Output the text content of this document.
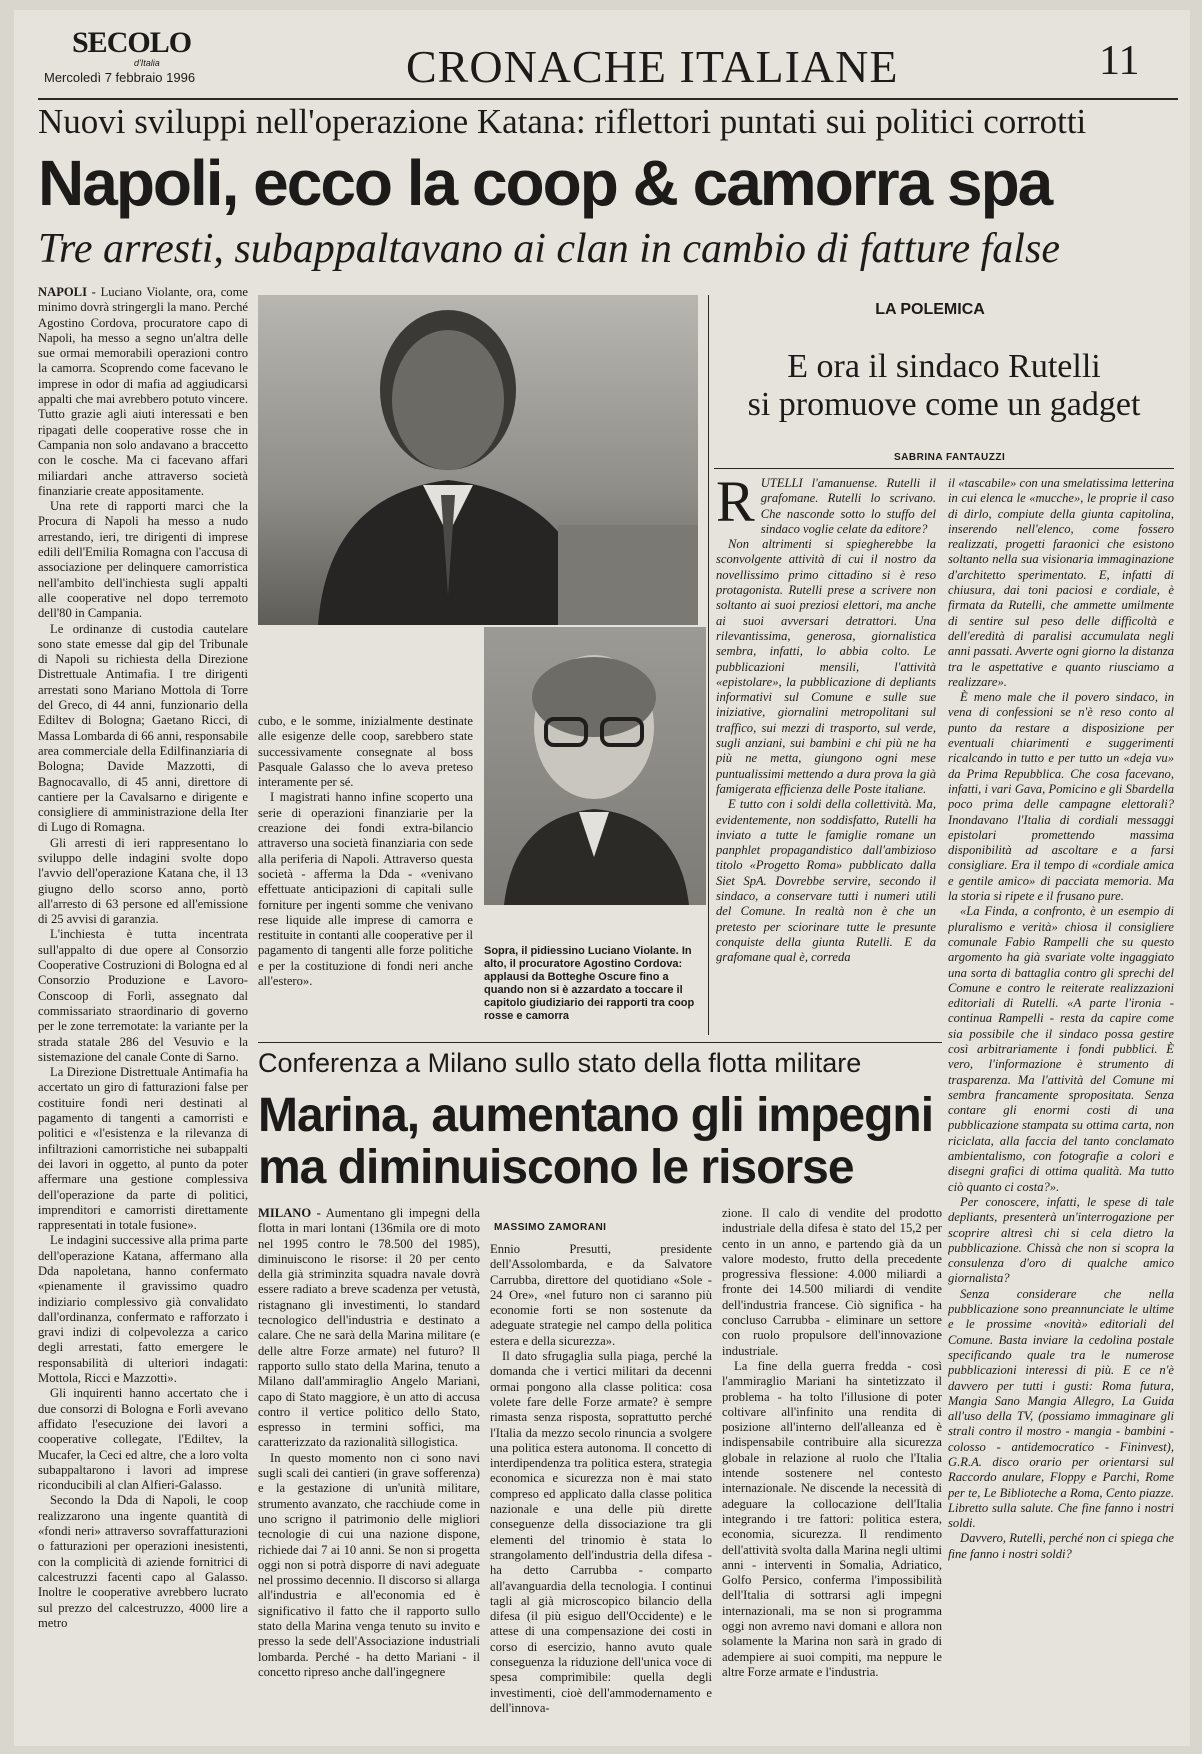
SECOLO
d'Italia
Mercoledì 7 febbraio 1996	CRONACHE ITALIANE	11
Nuovi sviluppi nell'operazione Katana: riflettori puntati sui politici corrotti
Napoli, ecco la coop & camorra spa
Tre arresti, subappaltavano ai clan in cambio di fatture false

NAPOLI - Luciano Violante, ora, come minimo dovrà stringergli la mano. Perché Agostino Cordova, procuratore capo di Napoli, ha messo a segno un'altra delle sue ormai memorabili operazioni contro la camorra. Scoprendo come facevano le imprese in odor di mafia ad aggiudicarsi appalti che mai avrebbero potuto vincere. Tutto grazie agli aiuti interessati e ben ripagati delle cooperative rosse che in Campania non solo andavano a braccetto con le cosche. Ma ci facevano affari miliardari anche attraverso società finanziarie create appositamente.

Una rete di rapporti marci che la Procura di Napoli ha messo a nudo arrestando, ieri, tre dirigenti di imprese edili dell'Emilia Romagna con l'accusa di associazione per delinquere camorristica nell'ambito dell'inchiesta sugli appalti alle cooperative nel dopo terremoto dell'80 in Campania.

Le ordinanze di custodia cautelare sono state emesse dal gip del Tribunale di Napoli su richiesta della Direzione Distrettuale Antimafia. I tre dirigenti arrestati sono Mariano Mottola di Torre del Greco, di 44 anni, funzionario della Ediltev di Bologna; Gaetano Ricci, di Massa Lombarda di 66 anni, responsabile area commerciale della Edilfinanziaria di Bologna; Davide Mazzotti, di Bagnocavallo, di 45 anni, direttore di cantiere per la Cavalsarno e dirigente e consigliere di amministrazione della Iter di Lugo di Romagna.

Gli arresti di ieri rappresentano lo sviluppo delle indagini svolte dopo l'avvio dell'operazione Katana che, il 13 giugno dello scorso anno, portò all'arresto di 63 persone ed all'emissione di 25 avvisi di garanzia.

L'inchiesta è tutta incentrata sull'appalto di due opere al Consorzio Cooperative Costruzioni di Bologna ed al Consorzio Produzione e Lavoro-Conscoop di Forlì, assegnato dal commissariato straordinario di governo per le zone terremotate: la variante per la strada statale 286 del Vesuvio e la sistemazione del canale Conte di Sarno.

La Direzione Distrettuale Antimafia ha accertato un giro di fatturazioni false per costituire fondi neri destinati al pagamento di tangenti a camorristi e politici e «l'esistenza e la rilevanza di infiltrazioni camorristiche nei subappalti dei lavori in oggetto, al punto da poter affermare una gestione complessiva dell'operazione da parte di politici, imprenditori e camorristi direttamente rappresentati in totale fusione».

Le indagini successive alla prima parte dell'operazione Katana, affermano alla Dda napoletana, hanno confermato «pienamente il gravissimo quadro indiziario complessivo già convalidato dall'ordinanza, confermato e rafforzato i gravi indizi di colpevolezza a carico degli arrestati, fatto emergere le responsabilità di ulteriori indagati: Mottola, Ricci e Mazzotti».

Gli inquirenti hanno accertato che i due consorzi di Bologna e Forlì avevano affidato l'esecuzione dei lavori a cooperative collegate, l'Ediltev, la Mucafer, la Ceci ed altre, che a loro volta subappaltarono i lavori ad imprese riconducibili al clan Alfieri-Galasso.

Secondo la Dda di Napoli, le coop realizzarono una ingente quantità di «fondi neri» attraverso sovraffatturazioni o fatturazioni per operazioni inesistenti, con la complicità di aziende fornitrici di calcestruzzi facenti capo al Galasso. Inoltre le cooperative avrebbero lucrato sul prezzo del calcestruzzo, 4000 lire a metro

cubo, e le somme, inizialmente destinate alle esigenze delle coop, sarebbero state successivamente consegnate al boss Pasquale Galasso che lo aveva preteso interamente per sé.

I magistrati hanno infine scoperto una serie di operazioni finanziarie per la creazione dei fondi extra-bilancio attraverso una società finanziaria con sede alla periferia di Napoli. Attraverso questa società - afferma la Dda - «venivano effettuate anticipazioni di capitali sulle forniture per ingenti somme che venivano rese liquide alle imprese di camorra e restituite in contanti alle cooperative per il pagamento di tangenti alle forze politiche e per la costituzione di fondi neri anche all'estero».

Sopra, il pidiessino Luciano Violante. In alto, il procuratore Agostino Cordova: applausi da Botteghe Oscure fino a quando non si è azzardato a toccare il capitolo giudiziario dei rapporti tra coop rosse e camorra
LA POLEMICA
E ora il sindaco Rutelli
si promuove come un gadget
SABRINA FANTAUZZI

RUTELLI l'amanuense. Rutelli il grafomane. Rutelli lo scrivano. Che nasconde sotto lo stuffo del sindaco voglie celate da editore?

Non altrimenti si spiegherebbe la sconvolgente attività di cui il nostro da novellissimo primo cittadino si è reso protagonista. Rutelli prese a scrivere non soltanto ai suoi preziosi elettori, ma anche ai suoi avversari detrattori. Una rilevantissima, generosa, giornalistica sembra, infatti, lo abbia colto. Le pubblicazioni mensili, l'attività «epistolare», la pubblicazione di depliants informativi sul Comune e sulle sue iniziative, giornalini metropolitani sul traffico, sui mezzi di trasporto, sul verde, sugli anziani, sui bambini e chi più ne ha più ne metta, giungono ogni mese puntualissimi mettendo a dura prova la già famigerata efficienza delle Poste italiane.

E tutto con i soldi della collettività. Ma, evidentemente, non soddisfatto, Rutelli ha inviato a tutte le famiglie romane un panphlet propagandistico dall'ambizioso titolo «Progetto Roma» pubblicato dalla Siet SpA. Dovrebbe servire, secondo il sindaco, a conservare tutti i numeri utili del Comune. In realtà non è che un pretesto per sciorinare tutte le presunte conquiste della giunta Rutelli. E da grafomane qual è, correda

il «tascabile» con una smelatissima letterina in cui elenca le «mucche», le proprie il caso di dirlo, compiute della giunta capitolina, inserendo nell'elenco, come fossero realizzati, progetti faraonici che esistono soltanto nella sua visionaria immaginazione d'architetto sperimentato. E, infatti di chiusura, dai toni paciosi e cordiale, è firmata da Rutelli, che ammette umilmente di sentire sul peso delle difficoltà e dell'eredità di paralisi accumulata negli anni passati. Avverte ogni giorno la distanza tra le aspettative e quanto riusciamo a realizzare».

È meno male che il povero sindaco, in vena di confessioni se n'è reso conto al punto da restare a disposizione per eventuali chiarimenti e suggerimenti ricalcando in tutto e per tutto un «deja vu» da Prima Repubblica. Che cosa facevano, infatti, i vari Gava, Pomicino e gli Sbardella poco prima delle campagne elettorali? Inondavano l'Italia di cordiali messaggi epistolari promettendo massima disponibilità ad ascoltare e a farsi consigliare. Era il tempo di «cordiale amica e gentile amico» di pacciata memoria. Ma la storia si ripete e il frusano pure.

«La Finda, a confronto, è un esempio di pluralismo e verità» chiosa il consigliere comunale Fabio Rampelli che su questo argomento ha già svariate volte ingaggiato una sorta di battaglia contro gli sprechi del Comune e contro le reiterate realizzazioni editoriali di Rutelli. «A parte l'ironia - continua Rampelli - resta da capire come sia possibile che il sindaco possa gestire così arbitrariamente i fondi pubblici. È vero, l'informazione è strumento di trasparenza. Ma l'attività del Comune mi sembra francamente spropositata. Senza contare gli enormi costi di una pubblicazione stampata su ottima carta, non riciclata, alla faccia del tanto conclamato ambientalismo, con fotografie a colori e disegni grafici di ottima qualità. Ma tutto ciò quanto ci costa?».

Per conoscere, infatti, le spese di tale depliants, presenterà un'interrogazione per scoprire altresì chi si cela dietro la pubblicazione. Chissà che non si scopra la consulenza d'oro di qualche amico giornalista?

Senza considerare che nella pubblicazione sono preannunciate le ultime e le prossime «novità» editoriali del Comune. Basta inviare la cedolina postale specificando quale tra le numerose pubblicazioni interessi di più. E ce n'è davvero per tutti i gusti: Roma futura, Mangia Sano Mangia Allegro, La Guida all'uso della TV, (possiamo immaginare gli strali contro il mostro - mangia - bambini - colosso - antidemocratico - Fininvest), G.R.A. disco orario per orientarsi sul Raccordo anulare, Floppy e Parchi, Rome per te, Le Biblioteche a Roma, Cento piazze. Libretto sulla salute. Che fine fanno i nostri soldi.

Davvero, Rutelli, perché non ci spiega che fine fanno i nostri soldi?

Conferenza a Milano sullo stato della flotta militare
Marina, aumentano gli impegni
ma diminuiscono le risorse
MASSIMO ZAMORANI

MILANO - Aumentano gli impegni della flotta in mari lontani (136mila ore di moto nel 1995 contro le 78.500 del 1985), diminuiscono le risorse: il 20 per cento della già striminzita squadra navale dovrà essere radiato a breve scadenza per vetustà, ristagnano gli investimenti, lo standard tecnologico dell'industria e destinato a calare. Che ne sarà della Marina militare (e delle altre Forze armate) nel futuro? Il rapporto sullo stato della Marina, tenuto a Milano dall'ammiraglio Angelo Mariani, capo di Stato maggiore, è un atto di accusa contro il vertice politico dello Stato, espresso in termini soffici, ma caratterizzato da razionalità sillogistica.

In questo momento non ci sono navi sugli scali dei cantieri (in grave sofferenza) e la gestazione di un'unità militare, strumento avanzato, che racchiude come in uno scrigno il patrimonio delle migliori tecnologie di cui una nazione dispone, richiede dai 7 ai 10 anni. Se non si progetta oggi non si potrà disporre di navi adeguate nel prossimo decennio. Il discorso si allarga all'industria e all'economia ed è significativo il fatto che il rapporto sullo stato della Marina venga tenuto su invito e presso la sede dell'Associazione industriali lombarda. Perché - ha detto Mariani - il concetto ripreso anche dall'ingegnere

Ennio Presutti, presidente dell'Assolombarda, e da Salvatore Carrubba, direttore del quotidiano «Sole - 24 Ore», «nel futuro non ci saranno più economie forti se non sostenute da adeguate strategie nel campo della politica estera e della sicurezza».

Il dato sfrugaglia sulla piaga, perché la domanda che i vertici militari da decenni ormai pongono alla classe politica: cosa volete fare delle Forze armate? è sempre rimasta senza risposta, soprattutto perché l'Italia da mezzo secolo rinuncia a svolgere una politica estera autonoma. Il concetto di interdipendenza tra politica estera, strategia economica e sicurezza non è mai stato compreso ed applicato dalla classe politica nazionale e una delle più dirette conseguenze della dissociazione tra gli elementi del trinomio è stata lo strangolamento dell'industria della difesa - ha detto Carrubba - comparto all'avanguardia della tecnologia. I continui tagli al già microscopico bilancio della difesa (il più esiguo dell'Occidente) e le attese di una compensazione dei costi in corso di esercizio, hanno avuto quale conseguenza la riduzione dell'unica voce di spesa comprimibile: quella degli investimenti, cioè dell'ammodernamento e dell'innova-

zione. Il calo di vendite del prodotto industriale della difesa è stato del 15,2 per cento in un anno, e partendo già da un valore modesto, frutto della precedente progressiva flessione: 4.000 miliardi a fronte dei 14.500 miliardi di vendite dell'industria francese. Ciò significa - ha concluso Carrubba - eliminare un settore con ruolo propulsore dell'innovazione industriale.

La fine della guerra fredda - così l'ammiraglio Mariani ha sintetizzato il problema - ha tolto l'illusione di poter coltivare all'infinito una rendita di posizione all'interno dell'alleanza ed è indispensabile contribuire alla sicurezza globale in relazione al ruolo che l'Italia intende sostenere nel contesto internazionale. Ne discende la necessità di adeguare la collocazione dell'Italia integrando i tre fattori: politica estera, economia, sicurezza. Il rendimento dell'attività svolta dalla Marina negli ultimi anni - interventi in Somalia, Adriatico, Golfo Persico, conferma l'impossibilità dell'Italia di sottrarsi agli impegni internazionali, ma se non si programma oggi non avremo navi domani e allora non solamente la Marina non sarà in grado di adempiere ai suoi compiti, ma neppure le altre Forze armate e l'industria.
